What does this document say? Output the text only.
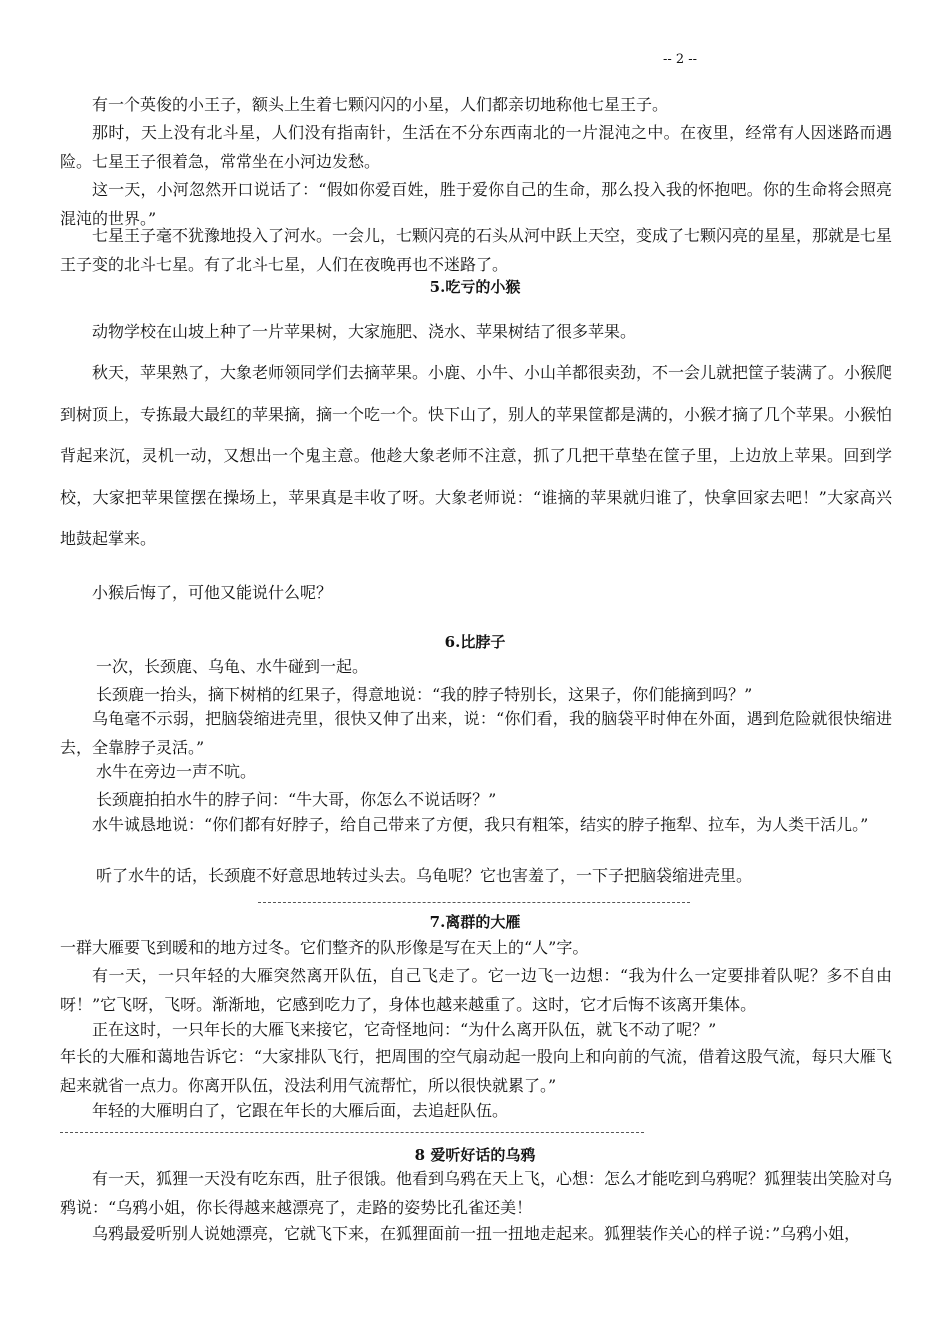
-- 2 --

有一个英俊的小王子，额头上生着七颗闪闪的小星，人们都亲切地称他七星王子。

那时，天上没有北斗星，人们没有指南针，生活在不分东西南北的一片混沌之中。在夜里，经常有人因迷路而遇险。七星王子很着急，常常坐在小河边发愁。

这一天，小河忽然开口说话了：“假如你爱百姓，胜于爱你自己的生命，那么投入我的怀抱吧。你的生命将会照亮混沌的世界。”

七星王子毫不犹豫地投入了河水。一会儿，七颗闪亮的石头从河中跃上天空，变成了七颗闪亮的星星，那就是七星王子变的北斗七星。有了北斗七星，人们在夜晚再也不迷路了。

5.吃亏的小猴

动物学校在山坡上种了一片苹果树，大家施肥、浇水、苹果树结了很多苹果。

秋天，苹果熟了，大象老师领同学们去摘苹果。小鹿、小牛、小山羊都很卖劲，不一会儿就把筐子装满了。小猴爬到树顶上，专拣最大最红的苹果摘，摘一个吃一个。快下山了，别人的苹果筐都是满的，小猴才摘了几个苹果。小猴怕背起来沉，灵机一动，又想出一个鬼主意。他趁大象老师不注意，抓了几把干草垫在筐子里，上边放上苹果。回到学校，大家把苹果筐摆在操场上，苹果真是丰收了呀。大象老师说：“谁摘的苹果就归谁了，快拿回家去吧！”大家高兴地鼓起掌来。

小猴后悔了，可他又能说什么呢？

6.比脖子

一次，长颈鹿、乌龟、水牛碰到一起。

长颈鹿一抬头，摘下树梢的红果子，得意地说：“我的脖子特别长，这果子，你们能摘到吗？”

乌龟毫不示弱，把脑袋缩进壳里，很快又伸了出来，说：“你们看，我的脑袋平时伸在外面，遇到危险就很快缩进去，全靠脖子灵活。”

水牛在旁边一声不吭。

长颈鹿拍拍水牛的脖子问：“牛大哥，你怎么不说话呀？”

水牛诚恳地说：“你们都有好脖子，给自己带来了方便，我只有粗笨，结实的脖子拖犁、拉车，为人类干活儿。”

听了水牛的话，长颈鹿不好意思地转过头去。乌龟呢？它也害羞了，一下子把脑袋缩进壳里。

7.离群的大雁

一群大雁要飞到暖和的地方过冬。它们整齐的队形像是写在天上的“人”字。

有一天，一只年轻的大雁突然离开队伍，自己飞走了。它一边飞一边想：“我为什么一定要排着队呢？多不自由呀！”它飞呀，飞呀。渐渐地，它感到吃力了，身体也越来越重了。这时，它才后悔不该离开集体。

正在这时，一只年长的大雁飞来接它，它奇怪地问：“为什么离开队伍，就飞不动了呢？”

年长的大雁和蔼地告诉它：“大家排队飞行，把周围的空气扇动起一股向上和向前的气流，借着这股气流，每只大雁飞起来就省一点力。你离开队伍，没法利用气流帮忙，所以很快就累了。”

年轻的大雁明白了，它跟在年长的大雁后面，去追赶队伍。

8 爱听好话的乌鸦

有一天，狐狸一天没有吃东西，肚子很饿。他看到乌鸦在天上飞，心想：怎么才能吃到乌鸦呢？狐狸装出笑脸对乌鸦说：“乌鸦小姐，你长得越来越漂亮了，走路的姿势比孔雀还美！

乌鸦最爱听别人说她漂亮，它就飞下来，在狐狸面前一扭一扭地走起来。狐狸装作关心的样子说：”乌鸦小姐，
